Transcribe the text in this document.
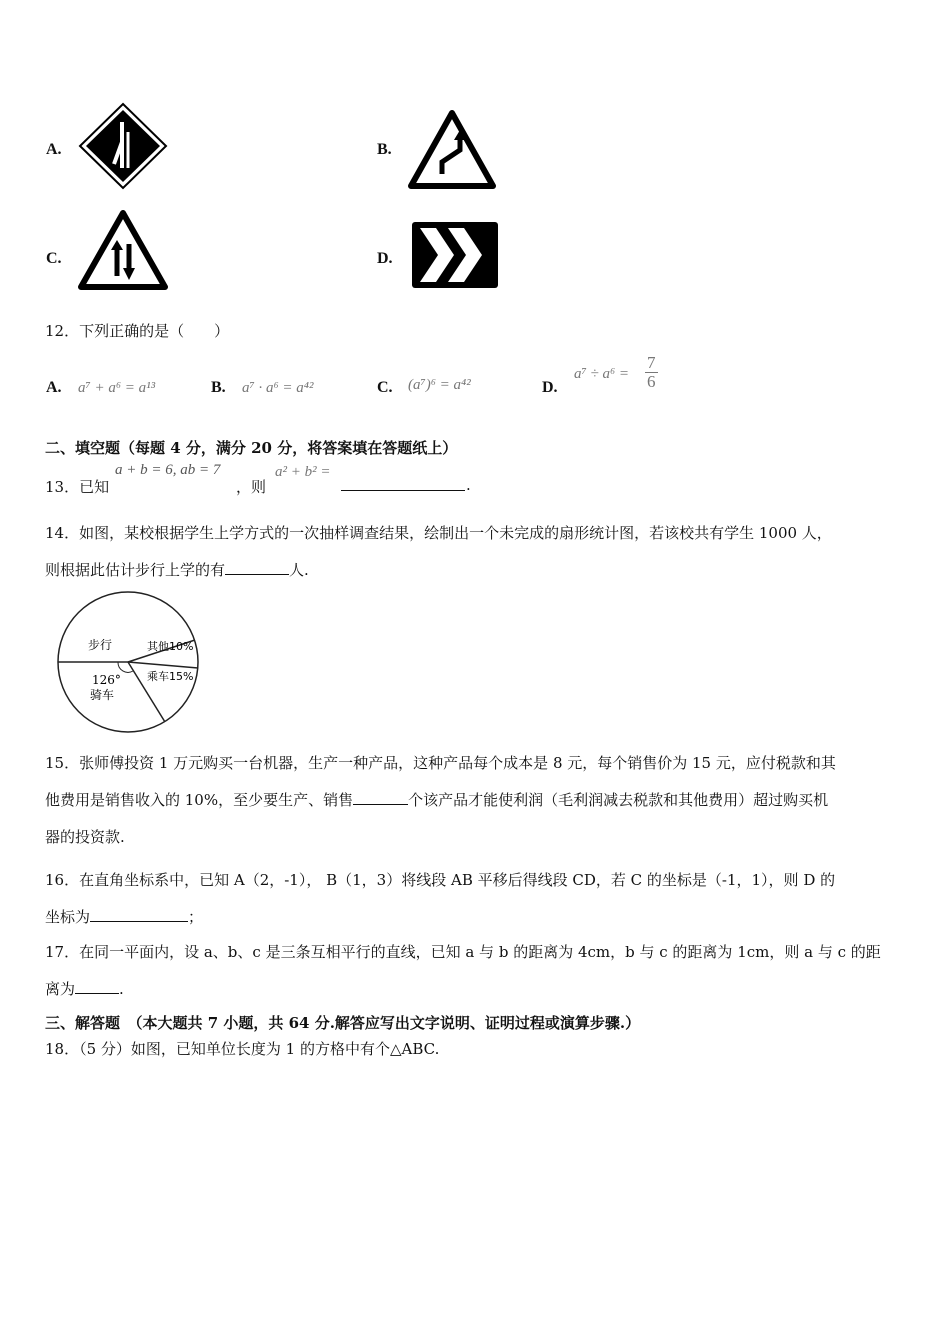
A.	B.
C.	D.
12．下列正确的是（　　）
A. a⁷ + a⁶ = a¹³	B. a⁷ · a⁶ = a⁴²	C. (a⁷)⁶ = a⁴²	D.
$a^7 \div a^6 = \frac{7}{6}$
二、填空题（每题 4 分，满分 20 分，将答案填在答题纸上）
13．已知
a + b = 6, ab = 7
，则
a² + b² =
.
14．如图，某校根据学生上学方式的一次抽样调查结果，绘制出一个未完成的扇形统计图，若该校共有学生 1000 人，
则根据此估计步行上学的有	人.
步行	其他10%
乘车15%
126°
骑车
15．张师傅投资 1 万元购买一台机器，生产一种产品，这种产品每个成本是 8 元，每个销售价为 15 元，应付税款和其
他费用是销售收入的 10%，至少要生产、销售	个该产品才能使利润（毛利润减去税款和其他费用）超过购买机
器的投资款.
16．在直角坐标系中，已知 A（2，-1）， B（1，3）将线段 AB 平移后得线段 CD，若 C 的坐标是（-1，1），则 D 的
坐标为	；
17．在同一平面内，设 a、b、c 是三条互相平行的直线，已知 a 与 b 的距离为 4cm，b 与 c 的距离为 1cm，则 a 与 c 的距
离为	.
三、解答题　（本大题共 7 小题，共 64 分.解答应写出文字说明、证明过程或演算步骤.）
18．（5 分）如图，已知单位长度为 1 的方格中有个△ABC.
